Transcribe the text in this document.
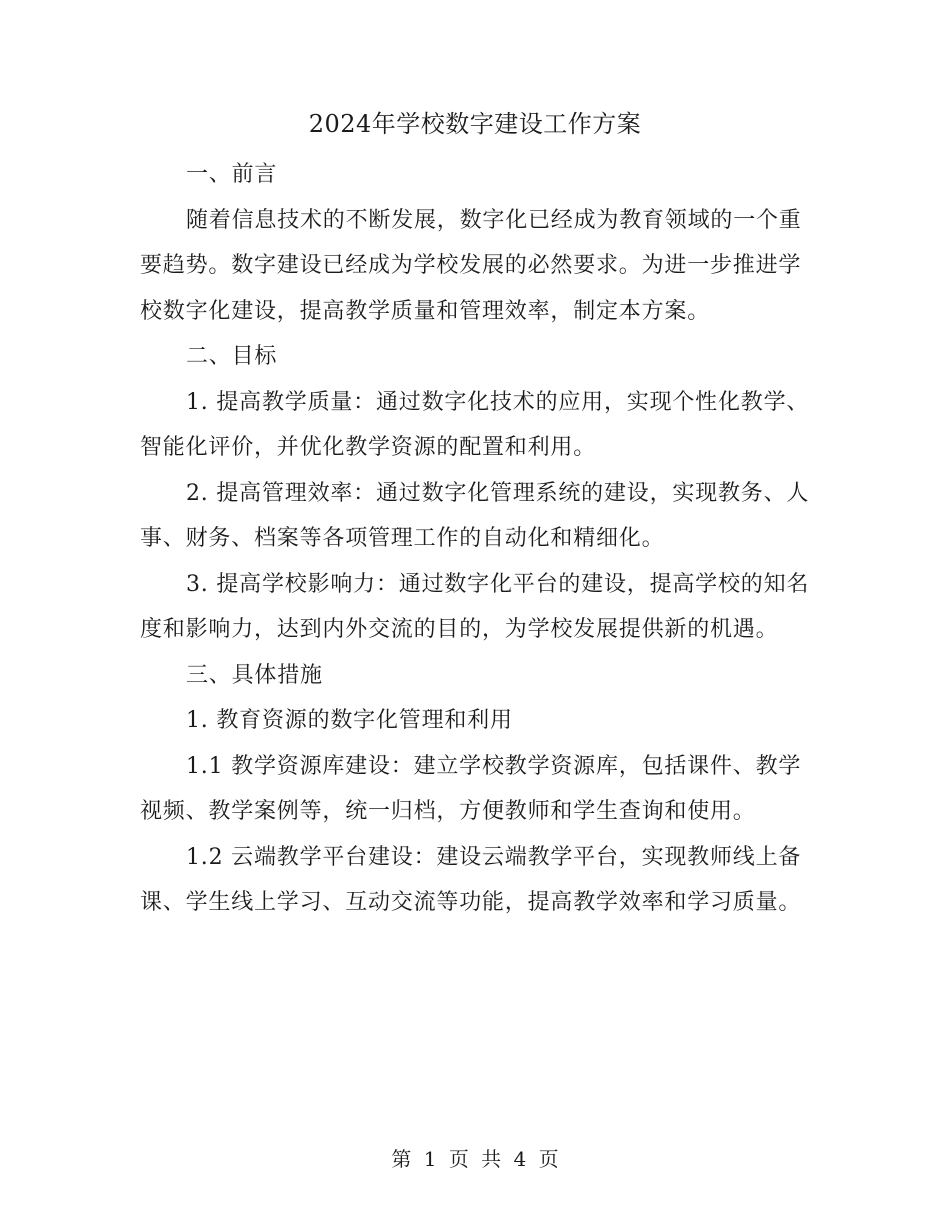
2024年学校数字建设工作方案

一、前言

随着信息技术的不断发展，数字化已经成为教育领域的一个重要趋势。数字建设已经成为学校发展的必然要求。为进一步推进学校数字化建设，提高教学质量和管理效率，制定本方案。

二、目标

1. 提高教学质量：通过数字化技术的应用，实现个性化教学、智能化评价，并优化教学资源的配置和利用。

2. 提高管理效率：通过数字化管理系统的建设，实现教务、人事、财务、档案等各项管理工作的自动化和精细化。

3. 提高学校影响力：通过数字化平台的建设，提高学校的知名度和影响力，达到内外交流的目的，为学校发展提供新的机遇。

三、具体措施

1. 教育资源的数字化管理和利用

1.1 教学资源库建设：建立学校教学资源库，包括课件、教学视频、教学案例等，统一归档，方便教师和学生查询和使用。

1.2 云端教学平台建设：建设云端教学平台，实现教师线上备课、学生线上学习、互动交流等功能，提高教学效率和学习质量。

第 1 页 共 4 页
